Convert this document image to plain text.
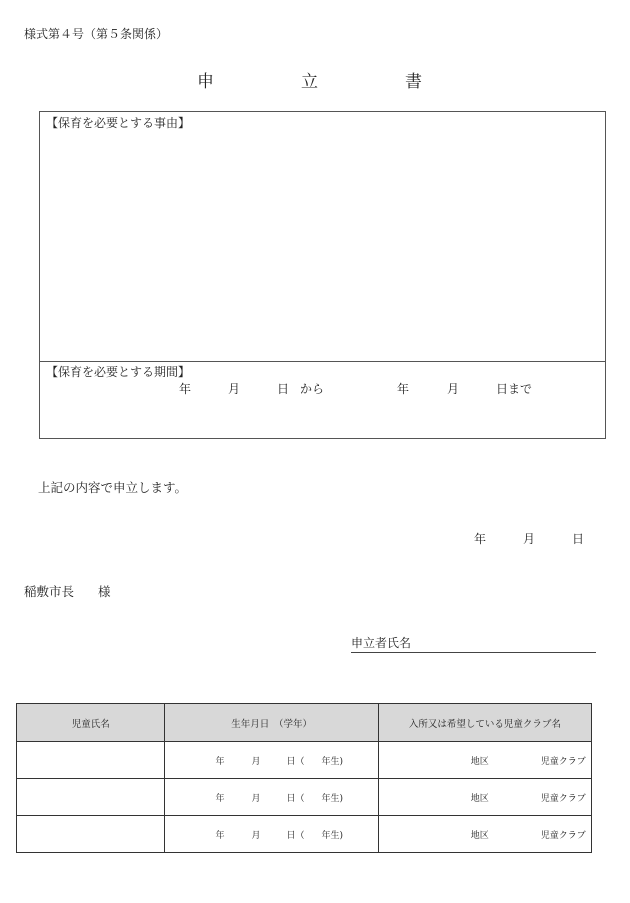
様式第４号（第５条関係）
申　立　書
【保育を必要とする事由】
【保育を必要とする期間】
年	月	日 から	年	月	日まで
上記の内容で申立します。
年	月	日
稲敷市長 様
申立者氏名
児童氏名	生年月日　（学年）	入所又は希望している児童クラブ名

	年 月 日（ 年生)	地区 児童クラブ

	年 月 日（ 年生)	地区 児童クラブ

	年 月 日（ 年生)	地区 児童クラブ
